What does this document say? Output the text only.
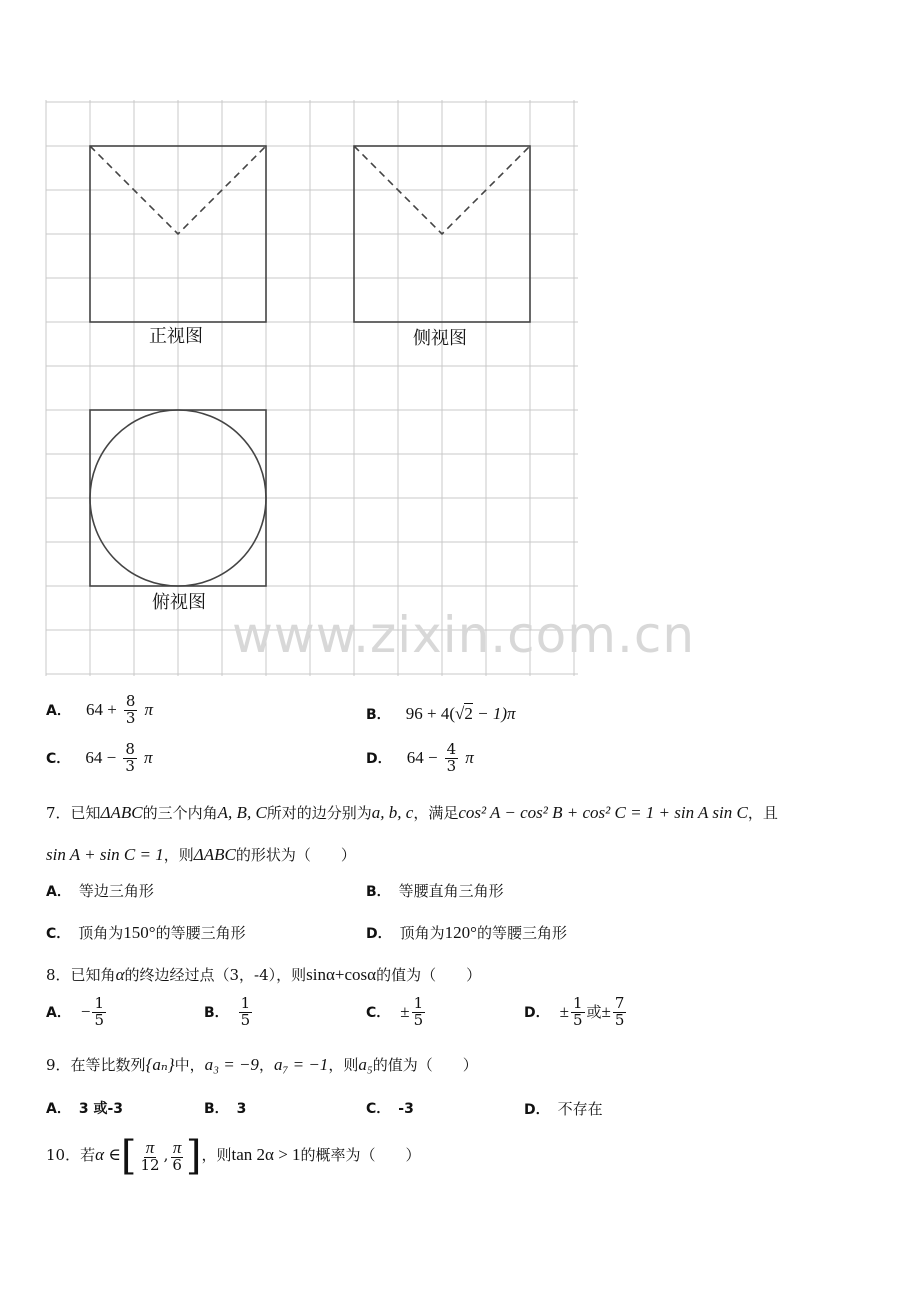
正视图	侧视图
俯视图
www.zixin.com.cn
A． $64 + \frac{8}{3}$ π	B． 96 + 4(√2 − 1)π
C． $64 - \frac{8}{3}$ π	D． $64 - \frac{4}{3}$ π
7．已知ΔABC的三个内角A, B, C所对的边分别为a, b, c，满足cos² A − cos² B + cos² C = 1 + sin A sin C，且
sin A + sin C = 1，则ΔABC的形状为（　　）
A． 等边三角形	B． 等腰直角三角形
C． 顶角为150°的等腰三角形	D． 顶角为120°的等腰三角形
8．已知角α的终边经过点（3，-4），则sinα+cosα的值为（　　）
A． − $\frac{1}{5}$	B． $\frac{1}{5}$	C． ± $\frac{1}{5}$	D． ± $\frac{1}{5}$ 或± $\frac{7}{5}$
9．在等比数列{aₙ}中，a₃ = −9，a₇ = −1，则a₅的值为（　　）
A． 3 或-3	B． 3	C． -3	D． 不存在
10．若α ∈[ $\frac{\pi}{12}$ , $\frac{\pi}{6}$ ]，则tan 2α > 1的概率为（　　）
